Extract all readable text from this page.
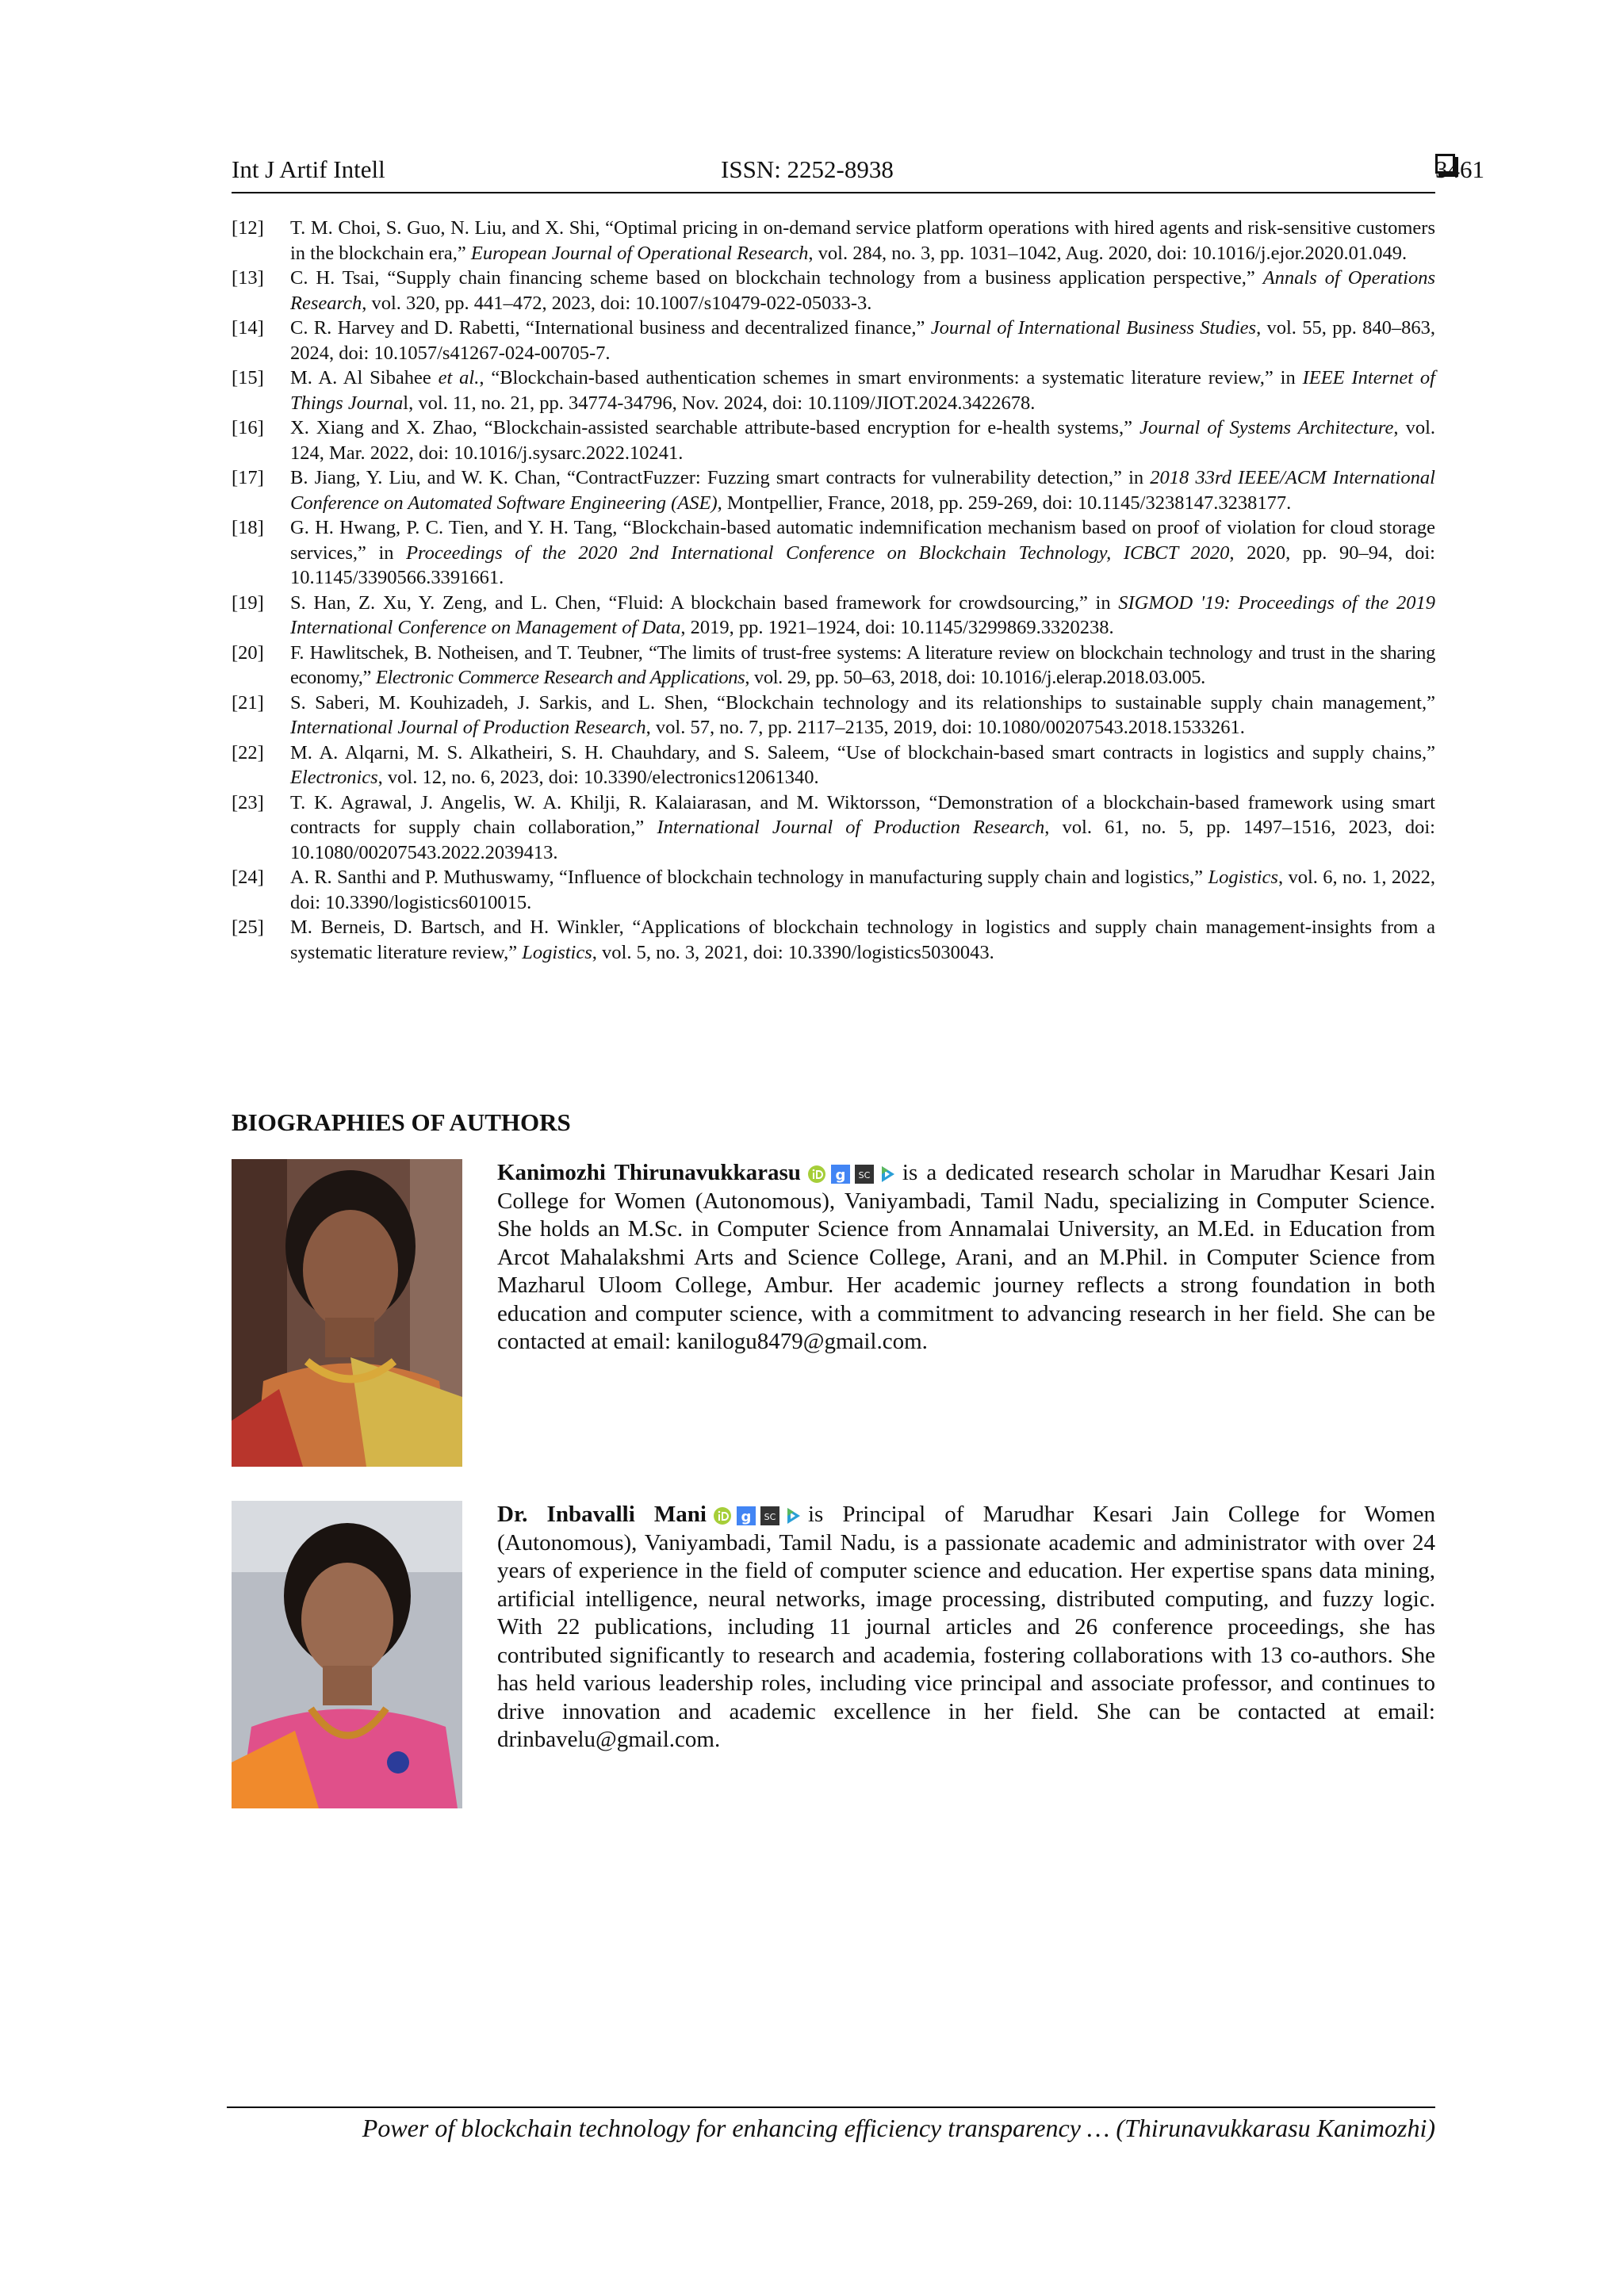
Int J Artif Intell	ISSN: 2252-8938	3461
[12]	T. M. Choi, S. Guo, N. Liu, and X. Shi, “Optimal pricing in on-demand service platform operations with hired agents and risk-sensitive customers in the blockchain era,” European Journal of Operational Research, vol. 284, no. 3, pp. 1031–1042, Aug. 2020, doi: 10.1016/j.ejor.2020.01.049.
[13]	C. H. Tsai, “Supply chain financing scheme based on blockchain technology from a business application perspective,” Annals of Operations Research, vol. 320, pp. 441–472, 2023, doi: 10.1007/s10479-022-05033-3.
[14]	C. R. Harvey and D. Rabetti, “International business and decentralized finance,” Journal of International Business Studies, vol. 55, pp. 840–863, 2024, doi: 10.1057/s41267-024-00705-7.
[15]	M. A. Al Sibahee et al., “Blockchain-based authentication schemes in smart environments: a systematic literature review,” in IEEE Internet of Things Journal, vol. 11, no. 21, pp. 34774-34796, Nov. 2024, doi: 10.1109/JIOT.2024.3422678.
[16]	X. Xiang and X. Zhao, “Blockchain-assisted searchable attribute-based encryption for e-health systems,” Journal of Systems Architecture, vol. 124, Mar. 2022, doi: 10.1016/j.sysarc.2022.10241.
[17]	B. Jiang, Y. Liu, and W. K. Chan, “ContractFuzzer: Fuzzing smart contracts for vulnerability detection,” in 2018 33rd IEEE/ACM International Conference on Automated Software Engineering (ASE), Montpellier, France, 2018, pp. 259-269, doi: 10.1145/3238147.3238177.
[18]	G. H. Hwang, P. C. Tien, and Y. H. Tang, “Blockchain-based automatic indemnification mechanism based on proof of violation for cloud storage services,” in Proceedings of the 2020 2nd International Conference on Blockchain Technology, ICBCT 2020, 2020, pp. 90–94, doi: 10.1145/3390566.3391661.
[19]	S. Han, Z. Xu, Y. Zeng, and L. Chen, “Fluid: A blockchain based framework for crowdsourcing,” in SIGMOD '19: Proceedings of the 2019 International Conference on Management of Data, 2019, pp. 1921–1924, doi: 10.1145/3299869.3320238.
[20]	F. Hawlitschek, B. Notheisen, and T. Teubner, “The limits of trust-free systems: A literature review on blockchain technology and trust in the sharing economy,” Electronic Commerce Research and Applications, vol. 29, pp. 50–63, 2018, doi: 10.1016/j.elerap.2018.03.005.
[21]	S. Saberi, M. Kouhizadeh, J. Sarkis, and L. Shen, “Blockchain technology and its relationships to sustainable supply chain management,” International Journal of Production Research, vol. 57, no. 7, pp. 2117–2135, 2019, doi: 10.1080/00207543.2018.1533261.
[22]	M. A. Alqarni, M. S. Alkatheiri, S. H. Chauhdary, and S. Saleem, “Use of blockchain-based smart contracts in logistics and supply chains,” Electronics, vol. 12, no. 6, 2023, doi: 10.3390/electronics12061340.
[23]	T. K. Agrawal, J. Angelis, W. A. Khilji, R. Kalaiarasan, and M. Wiktorsson, “Demonstration of a blockchain-based framework using smart contracts for supply chain collaboration,” International Journal of Production Research, vol. 61, no. 5, pp. 1497–1516, 2023, doi: 10.1080/00207543.2022.2039413.
[24]	A. R. Santhi and P. Muthuswamy, “Influence of blockchain technology in manufacturing supply chain and logistics,” Logistics, vol. 6, no. 1, 2022, doi: 10.3390/logistics6010015.
[25]	M. Berneis, D. Bartsch, and H. Winkler, “Applications of blockchain technology in logistics and supply chain management-insights from a systematic literature review,” Logistics, vol. 5, no. 3, 2021, doi: 10.3390/logistics5030043.
BIOGRAPHIES OF AUTHORS
Kanimozhi Thirunavukkarasu g SC is a dedicated research scholar in Marudhar Kesari Jain College for Women (Autonomous), Vaniyambadi, Tamil Nadu, specializing in Computer Science. She holds an M.Sc. in Computer Science from Annamalai University, an M.Ed. in Education from Arcot Mahalakshmi Arts and Science College, Arani, and an M.Phil. in Computer Science from Mazharul Uloom College, Ambur. Her academic journey reflects a strong foundation in both education and computer science, with a commitment to advancing research in her field. She can be contacted at email: kanilogu8479@gmail.com.
Dr. Inbavalli Mani g SC is Principal of Marudhar Kesari Jain College for Women (Autonomous), Vaniyambadi, Tamil Nadu, is a passionate academic and administrator with over 24 years of experience in the field of computer science and education. Her expertise spans data mining, artificial intelligence, neural networks, image processing, distributed computing, and fuzzy logic. With 22 publications, including 11 journal articles and 26 conference proceedings, she has contributed significantly to research and academia, fostering collaborations with 13 co-authors. She has held various leadership roles, including vice principal and associate professor, and continues to drive innovation and academic excellence in her field. She can be contacted at email: drinbavelu@gmail.com.
Power of blockchain technology for enhancing efficiency transparency … (Thirunavukkarasu Kanimozhi)
